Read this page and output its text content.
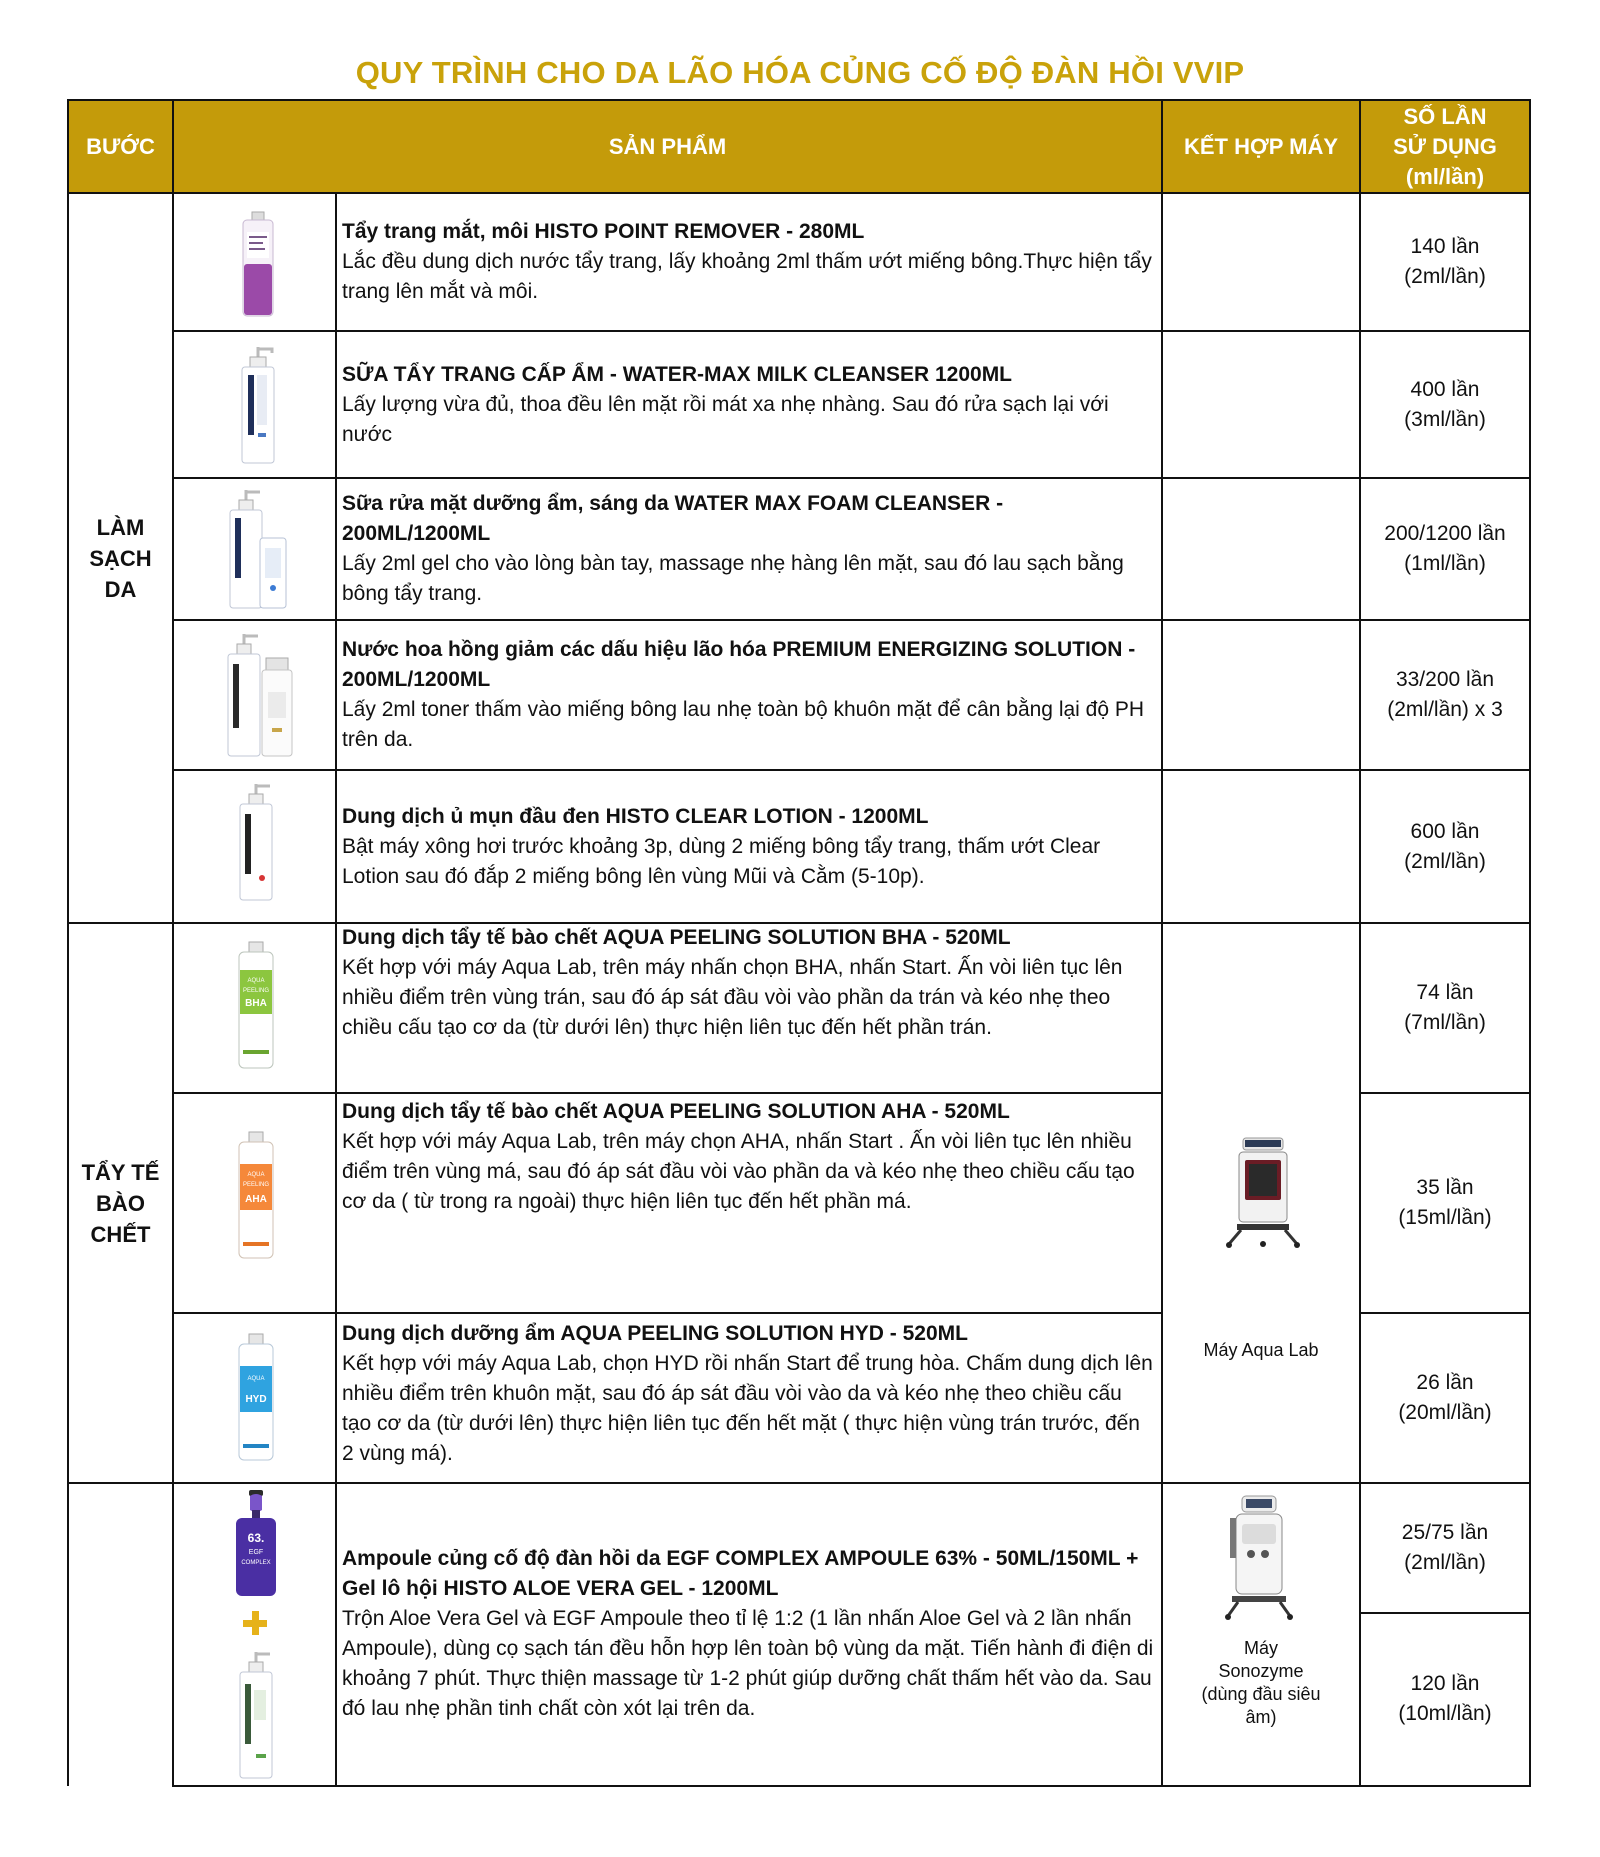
QUY TRÌNH CHO DA LÃO HÓA CỦNG CỐ ĐỘ ĐÀN HỒI VVIP
BƯỚC	SẢN PHẨM	KẾT HỢP MÁY
SỐ LẦN
SỬ DỤNG
(ml/lần)
LÀM
SẠCH
DA
TẨY TẾ
BÀO
CHẾT
Tẩy trang mắt, môi HISTO POINT REMOVER - 280ML
Lắc đều dung dịch nước tẩy trang, lấy khoảng 2ml thấm ướt miếng bông.Thực hiện tẩy trang lên mắt và môi.
SỮA TẨY TRANG CẤP ẨM - WATER-MAX MILK CLEANSER 1200ML
Lấy lượng vừa đủ, thoa đều lên mặt rồi mát xa nhẹ nhàng. Sau đó rửa sạch lại với nước
Sữa rửa mặt dưỡng ẩm, sáng da WATER MAX FOAM CLEANSER - 200ML/1200ML
Lấy 2ml gel cho vào lòng bàn tay, massage nhẹ hàng lên mặt, sau đó lau sạch bằng bông tẩy trang.
Nước hoa hồng giảm các dấu hiệu lão hóa PREMIUM ENERGIZING SOLUTION - 200ML/1200ML
Lấy 2ml toner thấm vào miếng bông lau nhẹ toàn bộ khuôn mặt để cân bằng lại độ PH trên da.
Dung dịch ủ mụn đầu đen HISTO CLEAR LOTION - 1200ML
Bật máy xông hơi trước khoảng 3p, dùng 2 miếng bông tẩy trang, thấm ướt Clear Lotion sau đó đắp 2 miếng bông lên vùng Mũi và Cằm (5-10p).
Dung dịch tẩy tế bào chết AQUA PEELING SOLUTION BHA - 520ML
Kết hợp với máy Aqua Lab, trên máy nhấn chọn BHA, nhấn Start. Ấn vòi liên tục lên nhiều điểm trên vùng trán, sau đó áp sát đầu vòi vào phần da trán và kéo nhẹ theo chiều cấu tạo cơ da (từ dưới lên) thực hiện liên tục đến hết phần trán.
Dung dịch tẩy tế bào chết AQUA PEELING SOLUTION AHA - 520ML
Kết hợp với máy Aqua Lab, trên máy chọn AHA, nhấn Start . Ấn vòi liên tục lên nhiều điểm trên vùng má, sau đó áp sát đầu vòi vào phần da và kéo nhẹ theo chiều cấu tạo cơ da ( từ trong ra ngoài) thực hiện liên tục đến hết phần má.
Dung dịch dưỡng ẩm AQUA PEELING SOLUTION HYD - 520ML
Kết hợp với máy Aqua Lab, chọn HYD rồi nhấn Start để trung hòa. Chấm dung dịch lên nhiều điểm trên khuôn mặt, sau đó áp sát đầu vòi vào da và kéo nhẹ theo chiều cấu tạo cơ da (từ dưới lên) thực hiện liên tục đến hết mặt ( thực hiện vùng trán trước, đến 2 vùng má).
Ampoule củng cố độ đàn hồi da EGF COMPLEX AMPOULE 63% - 50ML/150ML + Gel lô hội HISTO ALOE VERA GEL - 1200ML
Trộn Aloe Vera Gel và EGF Ampoule theo tỉ lệ 1:2 (1 lần nhấn Aloe Gel và 2 lần nhấn Ampoule), dùng cọ sạch tán đều hỗn hợp lên toàn bộ vùng da mặt. Tiến hành đi điện di khoảng 7 phút. Thực thiện massage từ 1-2 phút giúp dưỡng chất thấm hết vào da. Sau đó lau nhẹ phần tinh chất còn xót lại trên da.
140 lần
(2ml/lần)
400 lần
(3ml/lần)
200/1200 lần
(1ml/lần)
33/200 lần
(2ml/lần) x 3
600 lần
(2ml/lần)
74 lần
(7ml/lần)
35 lần
(15ml/lần)
26 lần
(20ml/lần)
25/75 lần
(2ml/lần)
120 lần
(10ml/lần)
Máy Aqua Lab
Máy
Sonozyme
(dùng đầu siêu
âm)
AQUA
PEELING
BHA
AQUA
PEELING
AHA
AQUA
HYD
63.
EGF
COMPLEX
